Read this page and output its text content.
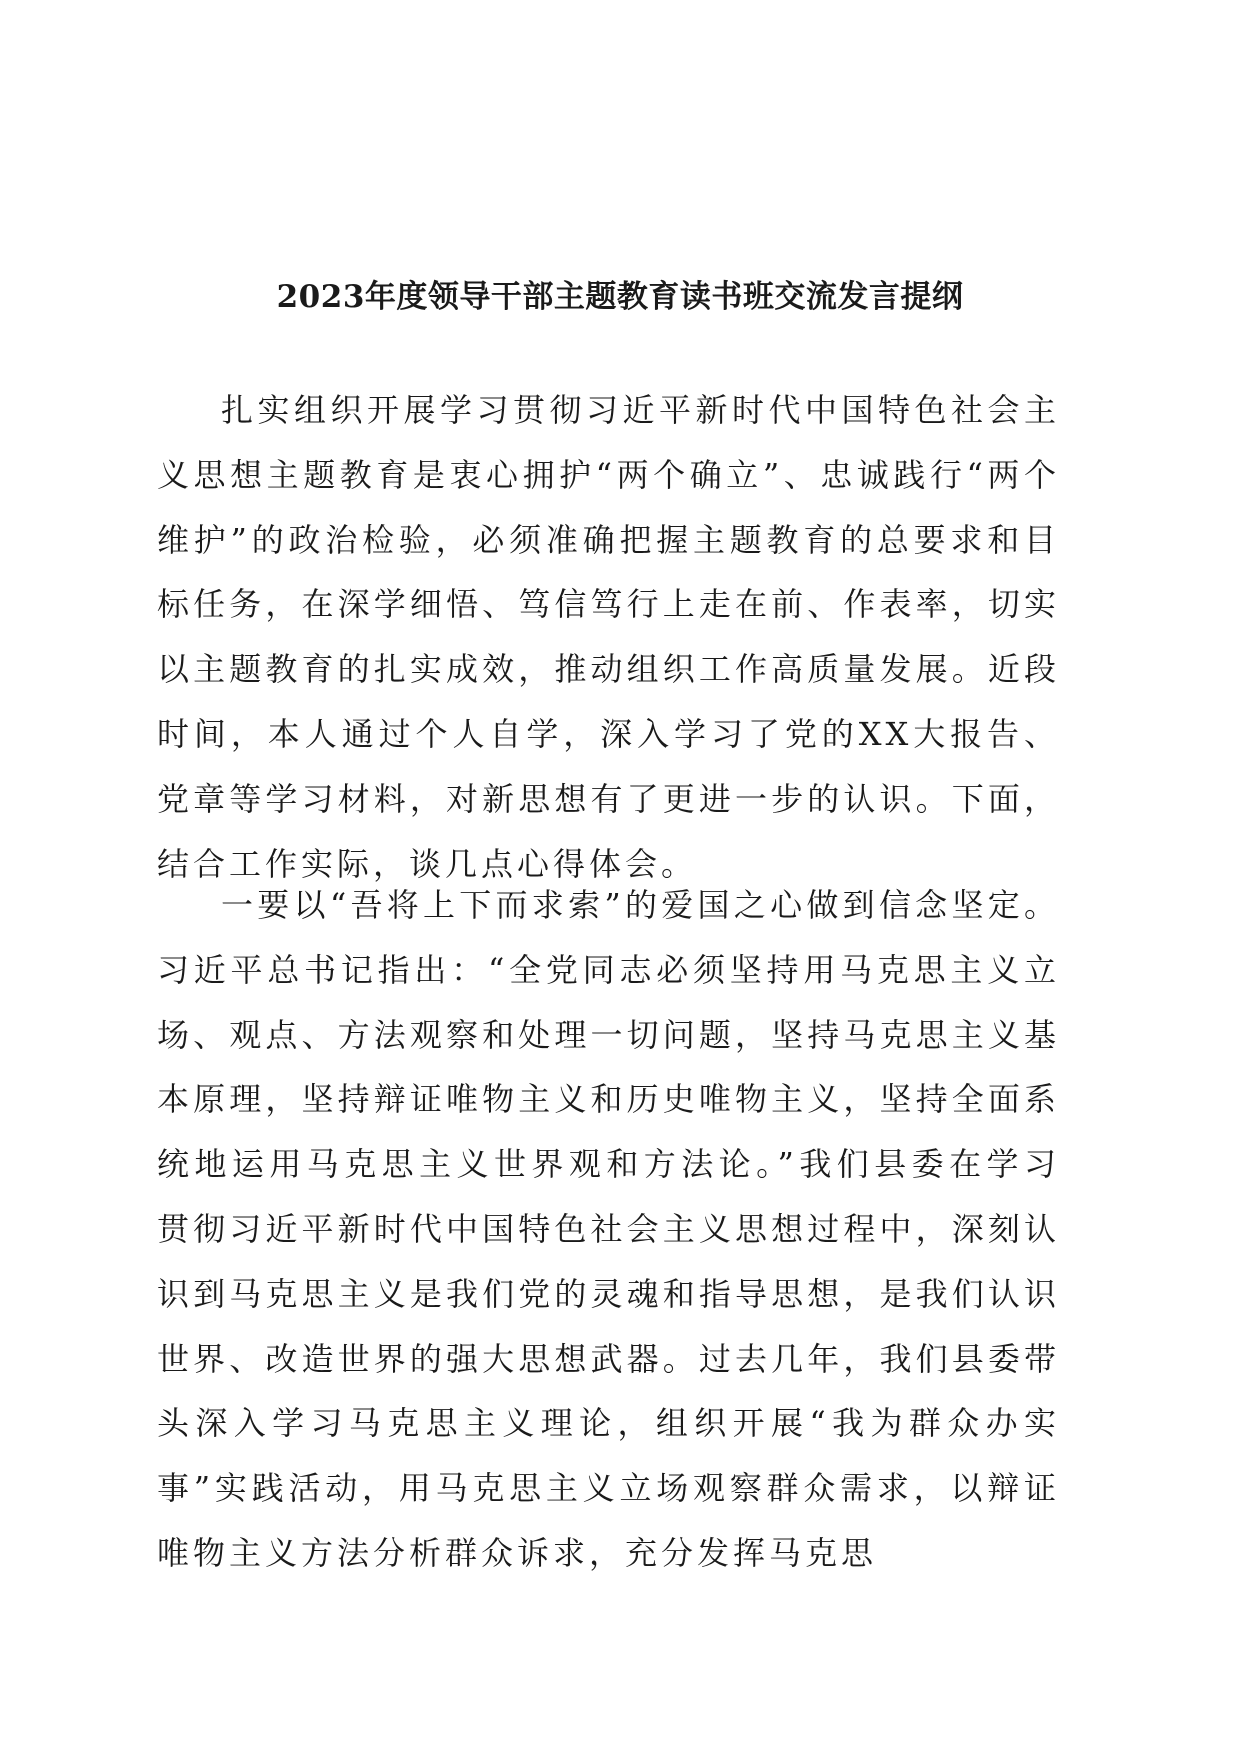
2023年度领导干部主题教育读书班交流发言提纲

扎实组织开展学习贯彻习近平新时代中国特色社会主义思想主题教育是衷心拥护“两个确立”、忠诚践行“两个维护”的政治检验，必须准确把握主题教育的总要求和目标任务，在深学细悟、笃信笃行上走在前、作表率，切实以主题教育的扎实成效，推动组织工作高质量发展。近段时间，本人通过个人自学，深入学习了党的XX大报告、党章等学习材料，对新思想有了更进一步的认识。下面，结合工作实际，谈几点心得体会。

一要以“吾将上下而求索”的爱国之心做到信念坚定。习近平总书记指出：“全党同志必须坚持用马克思主义立场、观点、方法观察和处理一切问题，坚持马克思主义基本原理，坚持辩证唯物主义和历史唯物主义，坚持全面系统地运用马克思主义世界观和方法论。”我们县委在学习贯彻习近平新时代中国特色社会主义思想过程中，深刻认识到马克思主义是我们党的灵魂和指导思想，是我们认识世界、改造世界的强大思想武器。过去几年，我们县委带头深入学习马克思主义理论，组织开展“我为群众办实事”实践活动，用马克思主义立场观察群众需求，以辩证唯物主义方法分析群众诉求，充分发挥马克思
